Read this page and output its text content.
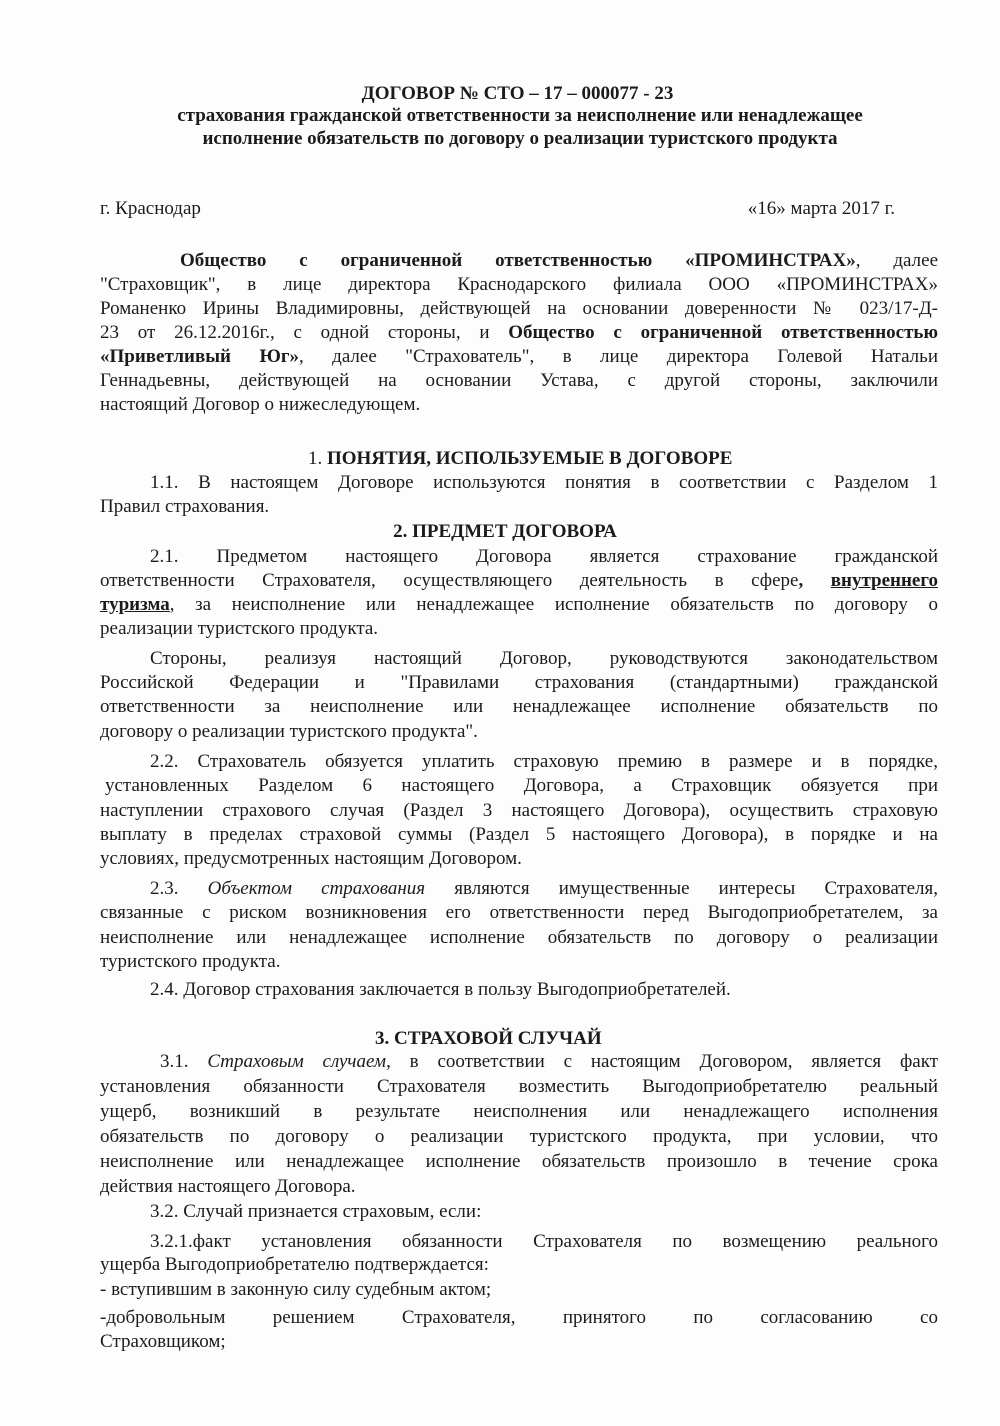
ДОГОВОР № СТО – 17 – 000077 - 23
страхования гражданской ответственности за неисполнение или ненадлежащее
исполнение обязательств по договору о реализации туристского продукта
г. Краснодар	«16» марта 2017 г.
Общество с ограниченной ответственностью «ПРОМИНСТРАХ», далее
"Страховщик", в лице директора Краснодарского филиала ООО «ПРОМИНСТРАХ»
Романенко Ирины Владимировны, действующей на основании доверенности № 023/17-Д-
23 от 26.12.2016г., с одной стороны, и Общество с ограниченной ответственностью
«Приветливый Юг», далее "Страхователь", в лице директора Голевой Натальи
Геннадьевны, действующей на основании Устава, с другой стороны, заключили
настоящий Договор о нижеследующем.
1. ПОНЯТИЯ, ИСПОЛЬЗУЕМЫЕ В ДОГОВОРЕ
1.1. В настоящем Договоре используются понятия в соответствии с Разделом 1
Правил страхования.
2. ПРЕДМЕТ ДОГОВОРА
2.1. Предметом настоящего Договора является страхование гражданской
ответственности Страхователя, осуществляющего деятельность в сфере, внутреннего
туризма, за неисполнение или ненадлежащее исполнение обязательств по договору о
реализации туристского продукта.
Стороны, реализуя настоящий Договор, руководствуются законодательством
Российской Федерации и "Правилами страхования (стандартными) гражданской
ответственности за неисполнение или ненадлежащее исполнение обязательств по
договору о реализации туристского продукта".
2.2. Страхователь обязуется уплатить страховую премию в размере и в порядке,
установленных Разделом 6 настоящего Договора, а Страховщик обязуется при
наступлении страхового случая (Раздел 3 настоящего Договора), осуществить страховую
выплату в пределах страховой суммы (Раздел 5 настоящего Договора), в порядке и на
условиях, предусмотренных настоящим Договором.
2.3. Объектом страхования являются имущественные интересы Страхователя,
связанные с риском возникновения его ответственности перед Выгодоприобретателем, за
неисполнение или ненадлежащее исполнение обязательств по договору о реализации
туристского продукта.
2.4. Договор страхования заключается в пользу Выгодоприобретателей.
3. СТРАХОВОЙ СЛУЧАЙ
3.1. Страховым случаем, в соответствии с настоящим Договором, является факт
установления обязанности Страхователя возместить Выгодоприобретателю реальный
ущерб, возникший в результате неисполнения или ненадлежащего исполнения
обязательств по договору о реализации туристского продукта, при условии, что
неисполнение или ненадлежащее исполнение обязательств произошло в течение срока
действия настоящего Договора.
3.2. Случай признается страховым, если:
3.2.1.факт установления обязанности Страхователя по возмещению реального
ущерба Выгодоприобретателю подтверждается:
- вступившим в законную силу судебным актом;
-добровольным решением Страхователя, принятого по согласованию со
Страховщиком;
